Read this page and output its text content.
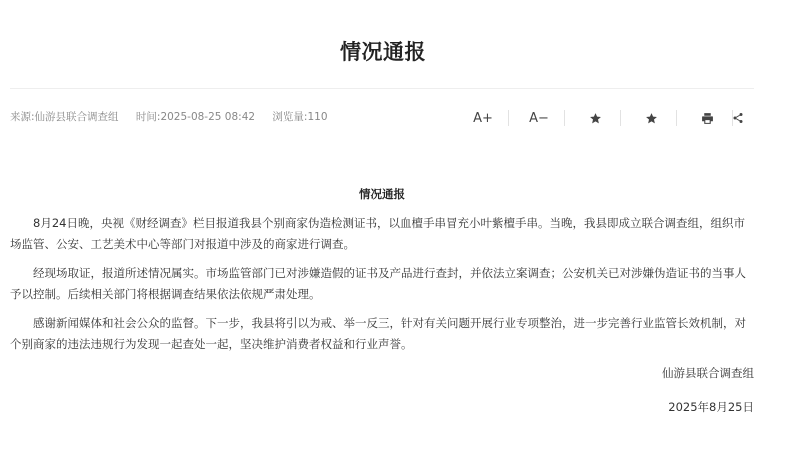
情况通报
来源:仙游县联合调查组 时间:2025-08-25 08:42 浏览量:110	A+	A−
情况通报

8月24日晚，央视《财经调查》栏目报道我县个别商家伪造检测证书，以血檀手串冒充小叶紫檀手串。当晚，我县即成立联合调查组，组织市场监管、公安、工艺美术中心等部门对报道中涉及的商家进行调查。

经现场取证，报道所述情况属实。市场监管部门已对涉嫌造假的证书及产品进行查封，并依法立案调查；公安机关已对涉嫌伪造证书的当事人予以控制。后续相关部门将根据调查结果依法依规严肃处理。

感谢新闻媒体和社会公众的监督。下一步，我县将引以为戒、举一反三，针对有关问题开展行业专项整治，进一步完善行业监管长效机制，对个别商家的违法违规行为发现一起查处一起，坚决维护消费者权益和行业声誉。

仙游县联合调查组

2025年8月25日
